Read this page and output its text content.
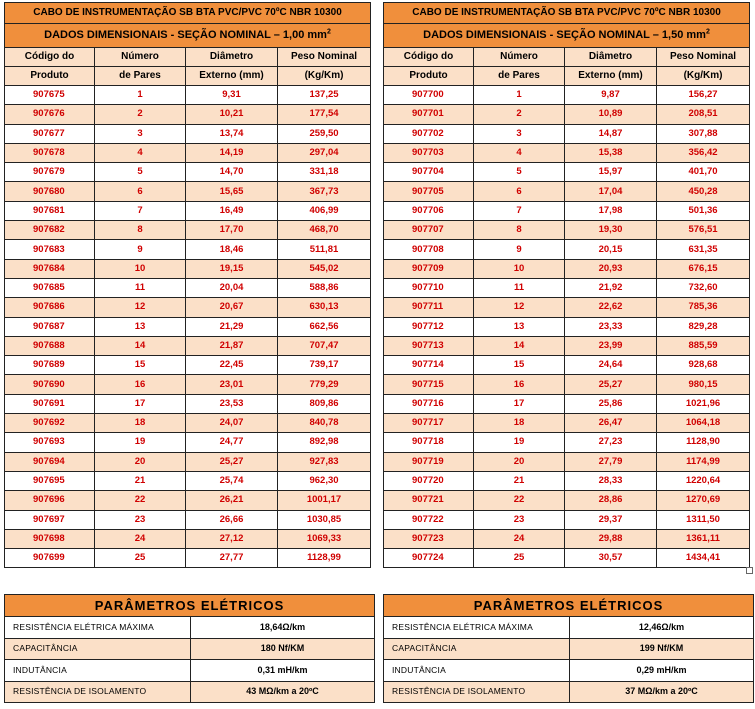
CABO DE INSTRUMENTAÇÃO SB BTA PVC/PVC 70ºC NBR 10300			
DADOS DIMENSIONAIS - SEÇÃO NOMINAL – 1,00 $mm^2$
Código do	Número	Diâmetro	Peso Nominal
Produto	de Pares	Externo (mm)	(Kg/Km)
907675	1	9,31	137,25
907676	2	10,21	177,54
907677	3	13,74	259,50
907678	4	14,19	297,04
907679	5	14,70	331,18
907680	6	15,65	367,73
907681	7	16,49	406,99
907682	8	17,70	468,70
907683	9	18,46	511,81
907684	10	19,15	545,02
907685	11	20,04	588,86
907686	12	20,67	630,13
907687	13	21,29	662,56
907688	14	21,87	707,47
907689	15	22,45	739,17
907690	16	23,01	779,29
907691	17	23,53	809,86
907692	18	24,07	840,78
907693	19	24,77	892,98
907694	20	25,27	927,83
907695	21	25,74	962,30
907696	22	26,21	1001,17
907697	23	26,66	1030,85
907698	24	27,12	1069,33
907699	25	27,77	1128,99
CABO DE INSTRUMENTAÇÃO SB BTA PVC/PVC 70ºC NBR 10300			
DADOS DIMENSIONAIS - SEÇÃO NOMINAL – 1,50 $mm^2$
Código do	Número	Diâmetro	Peso Nominal
Produto	de Pares	Externo (mm)	(Kg/Km)
907700	1	9,87	156,27
907701	2	10,89	208,51
907702	3	14,87	307,88
907703	4	15,38	356,42
907704	5	15,97	401,70
907705	6	17,04	450,28
907706	7	17,98	501,36
907707	8	19,30	576,51
907708	9	20,15	631,35
907709	10	20,93	676,15
907710	11	21,92	732,60
907711	12	22,62	785,36
907712	13	23,33	829,28
907713	14	23,99	885,59
907714	15	24,64	928,68
907715	16	25,27	980,15
907716	17	25,86	1021,96
907717	18	26,47	1064,18
907718	19	27,23	1128,90
907719	20	27,79	1174,99
907720	21	28,33	1220,64
907721	22	28,86	1270,69
907722	23	29,37	1311,50
907723	24	29,88	1361,11
907724	25	30,57	1434,41
PARÂMETROS ELÉTRICOS	
RESISTÊNCIA ELÉTRICA MÁXIMA	18,64Ω/km
CAPACITÂNCIA	180 Nf/KM
INDUTÂNCIA	0,31 mH/km
RESISTÊNCIA DE ISOLAMENTO	43 MΩ/km a 20ºC
PARÂMETROS ELÉTRICOS	
RESISTÊNCIA ELÉTRICA MÁXIMA	12,46Ω/km
CAPACITÂNCIA	199 Nf/KM
INDUTÂNCIA	0,29 mH/km
RESISTÊNCIA DE ISOLAMENTO	37 MΩ/km a 20ºC
